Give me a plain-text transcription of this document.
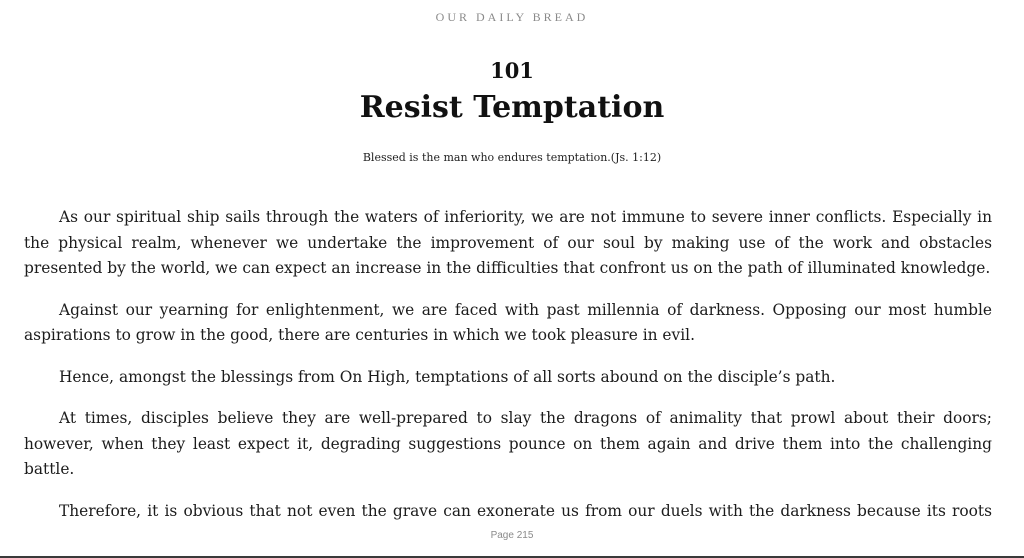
OUR DAILY BREAD
101
Resist Temptation
Blessed is the man who endures temptation.(Js. 1:12)

As our spiritual ship sails through the waters of inferiority, we are not immune to severe inner conflicts. Especially in the physical realm, whenever we undertake the improvement of our soul by making use of the work and obstacles presented by the world, we can expect an increase in the difficulties that confront us on the path of illuminated knowledge.

Against our yearning for enlightenment, we are faced with past millennia of darkness. Opposing our most humble aspirations to grow in the good, there are centuries in which we took pleasure in evil.

Hence, amongst the blessings from On High, temptations of all sorts abound on the disciple’s path.

At times, disciples believe they are well-prepared to slay the dragons of animality that prowl about their doors; however, when they least expect it, degrading suggestions pounce on them again and drive them into the challenging battle.

Therefore, it is obvious that not even the grave can exonerate us from our duels with the darkness because its roots

Page 215
